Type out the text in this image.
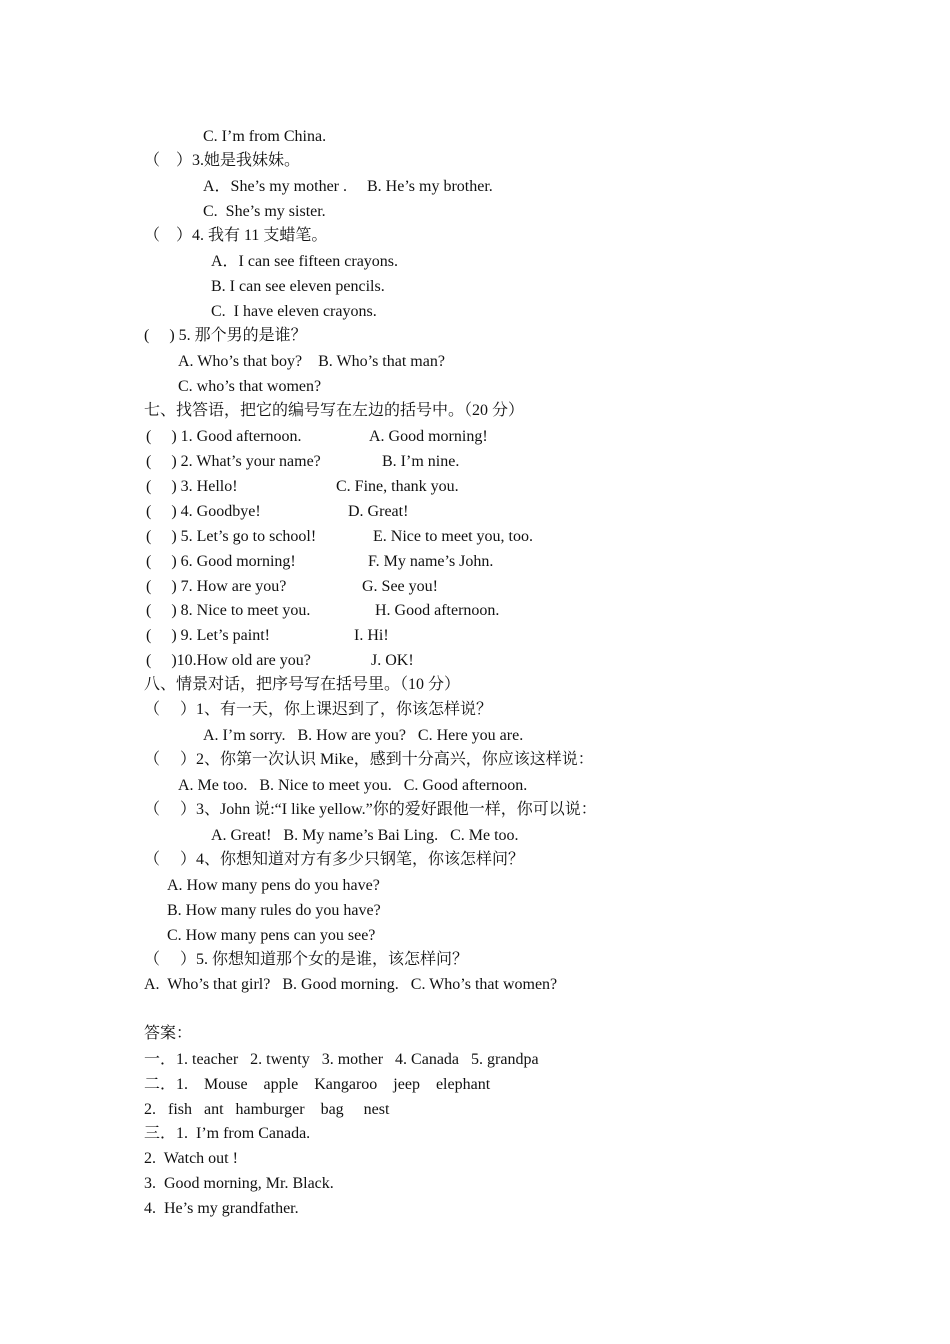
C. I’m from China.
（    ）3.她是我妹妹。
A．She’s my mother .     B. He’s my brother.
C.  She’s my sister.
（    ）4. 我有 11 支蜡笔。
A．I can see fifteen crayons.
B. I can see eleven pencils.
C.  I have eleven crayons.
(     ) 5. 那个男的是谁？
A. Who’s that boy?    B. Who’s that man?
C. who’s that women?
七、找答语，把它的编号写在左边的括号中。（20 分）
(     ) 1. Good afternoon.	A. Good morning!
(     ) 2. What’s your name?	B. I’m nine.
(     ) 3. Hello!	C. Fine, thank you.
(     ) 4. Goodbye!	D. Great!
(     ) 5. Let’s go to school!	E. Nice to meet you, too.
(     ) 6. Good morning!	F. My name’s John.
(     ) 7. How are you?	G. See you!
(     ) 8. Nice to meet you.	H. Good afternoon.
(     ) 9. Let’s paint!	I. Hi!
(     )10.How old are you?	J. OK!
八、情景对话，把序号写在括号里。（10 分）
（     ）1、有一天，你上课迟到了，你该怎样说？
A. I’m sorry.   B. How are you?   C. Here you are.
（     ）2、你第一次认识 Mike，感到十分高兴，你应该这样说：
A. Me too.   B. Nice to meet you.   C. Good afternoon.
（     ）3、John 说:“I like yellow.”你的爱好跟他一样，你可以说：
A. Great!   B. My name’s Bai Ling.   C. Me too.
（     ）4、你想知道对方有多少只钢笔，你该怎样问？
A. How many pens do you have?
B. How many rules do you have?
C. How many pens can you see?
（     ）5. 你想知道那个女的是谁，该怎样问？
A.  Who’s that girl?   B. Good morning.   C. Who’s that women?
答案：
一．1. teacher   2. twenty   3. mother   4. Canada   5. grandpa
二．1.    Mouse    apple    Kangaroo    jeep    elephant
2.   fish   ant   hamburger    bag     nest
三．1.  I’m from Canada.
2.  Watch out !
3.  Good morning, Mr. Black.
4.  He’s my grandfather.
